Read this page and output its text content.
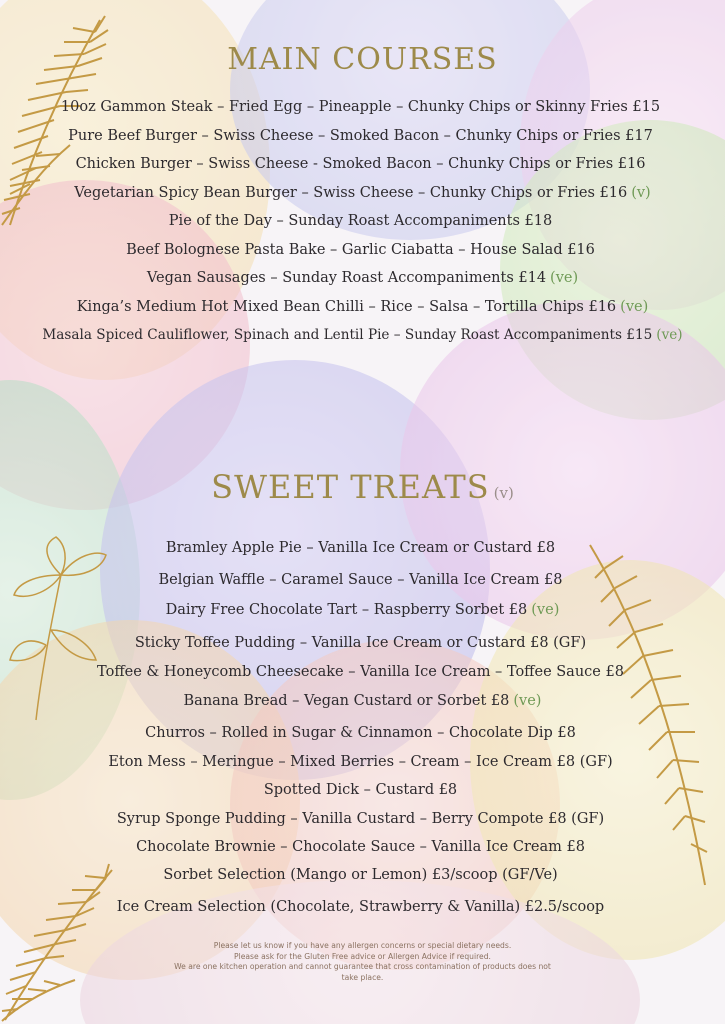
MAIN COURSES
10oz Gammon Steak – Fried Egg – Pineapple – Chunky Chips or Skinny Fries £15
Pure Beef Burger – Swiss Cheese – Smoked Bacon – Chunky Chips or Fries £17
Chicken Burger – Swiss Cheese - Smoked Bacon – Chunky Chips or Fries £16
Vegetarian Spicy Bean Burger – Swiss Cheese – Chunky Chips or Fries £16 (v)
Pie of the Day – Sunday Roast Accompaniments £18
Beef Bolognese Pasta Bake – Garlic Ciabatta – House Salad £16
Vegan Sausages – Sunday Roast Accompaniments £14 (ve)
Kinga’s Medium Hot Mixed Bean Chilli – Rice – Salsa – Tortilla Chips £16 (ve)
Masala Spiced Cauliflower, Spinach and Lentil Pie – Sunday Roast Accompaniments £15 (ve)
SWEET TREATS (v)
Bramley Apple Pie – Vanilla Ice Cream or Custard £8
Belgian Waffle – Caramel Sauce – Vanilla Ice Cream £8
Dairy Free Chocolate Tart – Raspberry Sorbet £8 (ve)
Sticky Toffee Pudding – Vanilla Ice Cream or Custard £8 (GF)
Toffee & Honeycomb Cheesecake – Vanilla Ice Cream – Toffee Sauce £8
Banana Bread – Vegan Custard or Sorbet £8 (ve)
Churros – Rolled in Sugar & Cinnamon – Chocolate Dip £8
Eton Mess – Meringue – Mixed Berries – Cream – Ice Cream £8 (GF)
Spotted Dick – Custard £8
Syrup Sponge Pudding – Vanilla Custard – Berry Compote £8 (GF)
Chocolate Brownie – Chocolate Sauce – Vanilla Ice Cream £8
Sorbet Selection (Mango or Lemon) £3/scoop (GF/Ve)
Ice Cream Selection (Chocolate, Strawberry & Vanilla) £2.5/scoop
Please let us know if you have any allergen concerns or special dietary needs.
Please ask for the Gluten Free advice or Allergen Advice if required.
We are one kitchen operation and cannot guarantee that cross contamination of products does not
take place.
